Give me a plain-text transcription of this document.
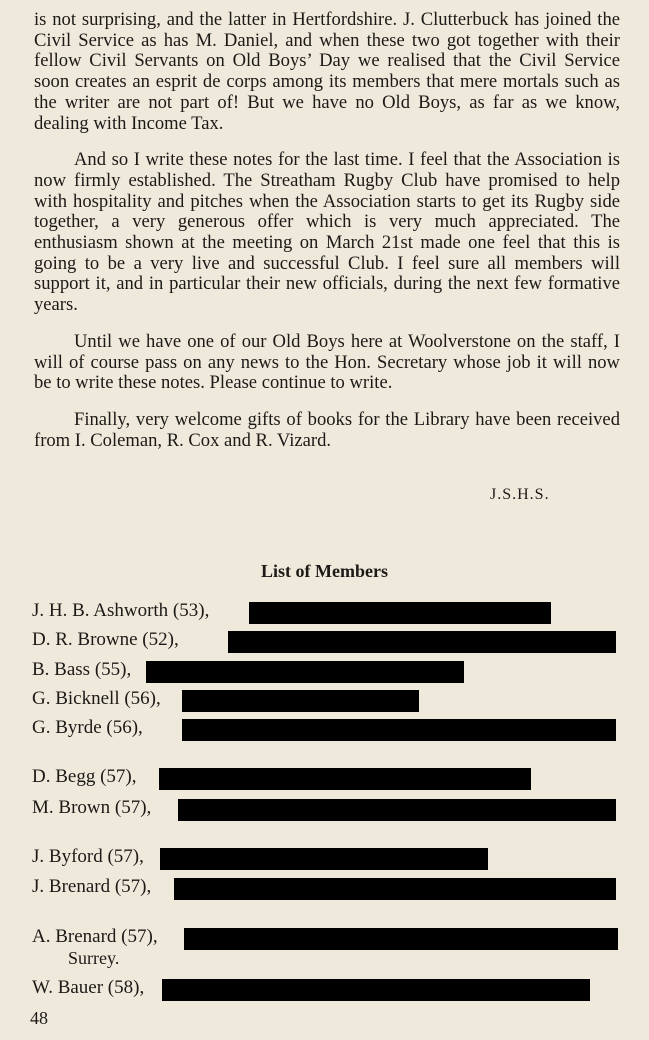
is not surprising, and the latter in Hertfordshire. J. Clutterbuck has joined the Civil Service as has M. Daniel, and when these two got together with their fellow Civil Servants on Old Boys’ Day we realised that the Civil Service soon creates an esprit de corps among its members that mere mortals such as the writer are not part of! But we have no Old Boys, as far as we know, dealing with Income Tax.

And so I write these notes for the last time. I feel that the Association is now firmly established. The Streatham Rugby Club have promised to help with hospitality and pitches when the Association starts to get its Rugby side together, a very generous offer which is very much appreciated. The enthusiasm shown at the meeting on March 21st made one feel that this is going to be a very live and successful Club. I feel sure all members will support it, and in particular their new officials, during the next few formative years.

Until we have one of our Old Boys here at Woolverstone on the staff, I will of course pass on any news to the Hon. Secretary whose job it will now be to write these notes. Please continue to write.

Finally, very welcome gifts of books for the Library have been received from I. Coleman, R. Cox and R. Vizard.

J.S.H.S.
List of Members
J. H. B. Ashworth (53),
D. R. Browne (52),
B. Bass (55),
G. Bicknell (56),
G. Byrde (56),
D. Begg (57),
M. Brown (57),
J. Byford (57),
J. Brenard (57),
A. Brenard (57),
Surrey.
W. Bauer (58),
48
